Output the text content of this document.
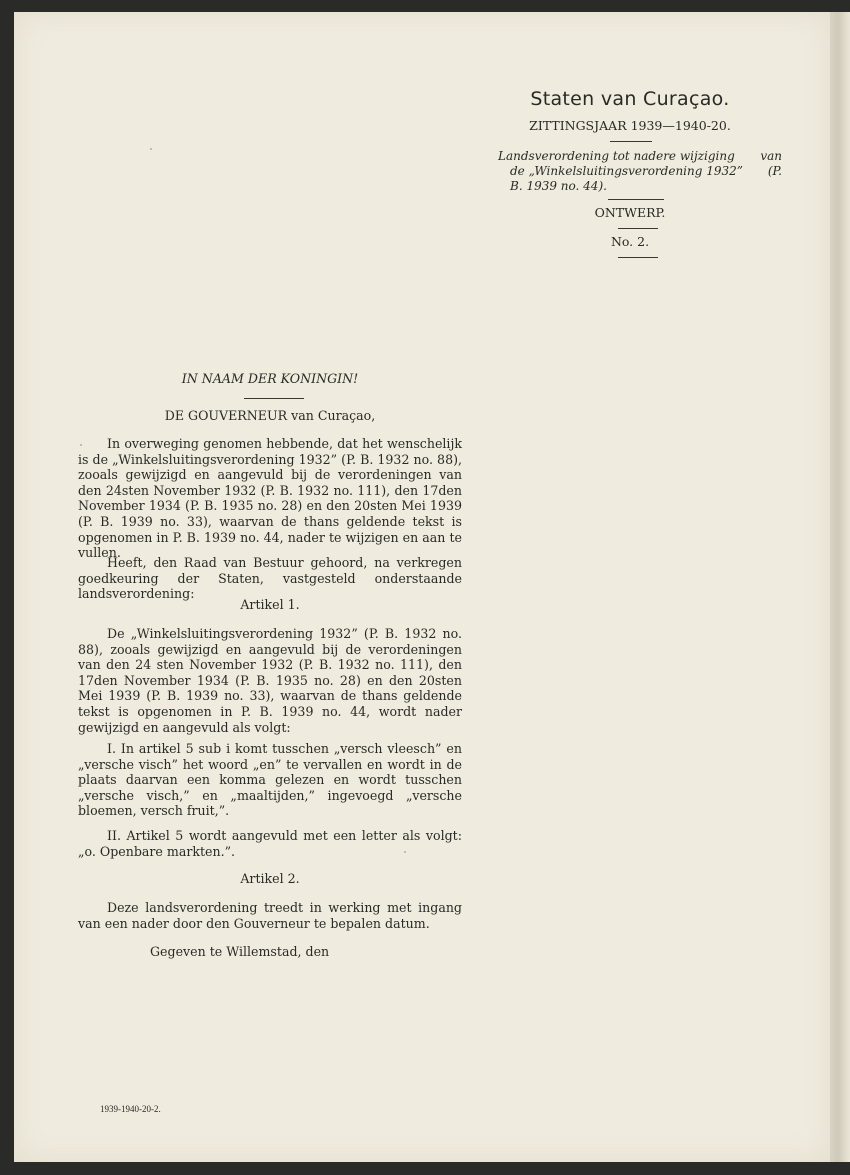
Staten van Curaçao.
ZITTINGSJAAR 1939—1940-20.
Landsverordening tot nadere wijziging van
de „Winkelsluitingsverordening 1932” (P.
B. 1939 no. 44).
ONTWERP.
No. 2.
IN NAAM DER KONINGIN!
DE GOUVERNEUR van Curaçao,
In overweging genomen hebbende, dat het wenschelijk is de „Winkelsluitingsverordening 1932” (P. B. 1932 no. 88), zooals gewijzigd en aangevuld bij de verordeningen van den 24sten November 1932 (P. B. 1932 no. 111), den 17den November 1934 (P. B. 1935 no. 28) en den 20sten Mei 1939 (P. B. 1939 no. 33), waarvan de thans geldende tekst is opgenomen in P. B. 1939 no. 44, nader te wijzigen en aan te vullen.
Heeft, den Raad van Bestuur gehoord, na verkregen goedkeuring der Staten, vastgesteld onderstaande landsverordening:
Artikel 1.
De „Winkelsluitingsverordening 1932” (P. B. 1932 no. 88), zooals gewijzigd en aangevuld bij de verordeningen van den 24 sten November 1932 (P. B. 1932 no. 111), den 17den November 1934 (P. B. 1935 no. 28) en den 20sten Mei 1939 (P. B. 1939 no. 33), waarvan de thans geldende tekst is opgenomen in P. B. 1939 no. 44, wordt nader gewijzigd en aangevuld als volgt:
I. In artikel 5 sub i komt tusschen „versch vleesch” en „versche visch” het woord „en” te vervallen en wordt in de plaats daarvan een komma gelezen en wordt tusschen „versche visch,” en „maaltijden,” ingevoegd „versche bloemen, versch fruit,”.
II. Artikel 5 wordt aangevuld met een letter als volgt: „o. Openbare markten.”.
Artikel 2.
Deze landsverordening treedt in werking met ingang van een nader door den Gouverneur te bepalen datum.
Gegeven te Willemstad, den
1939-1940-20-2.
